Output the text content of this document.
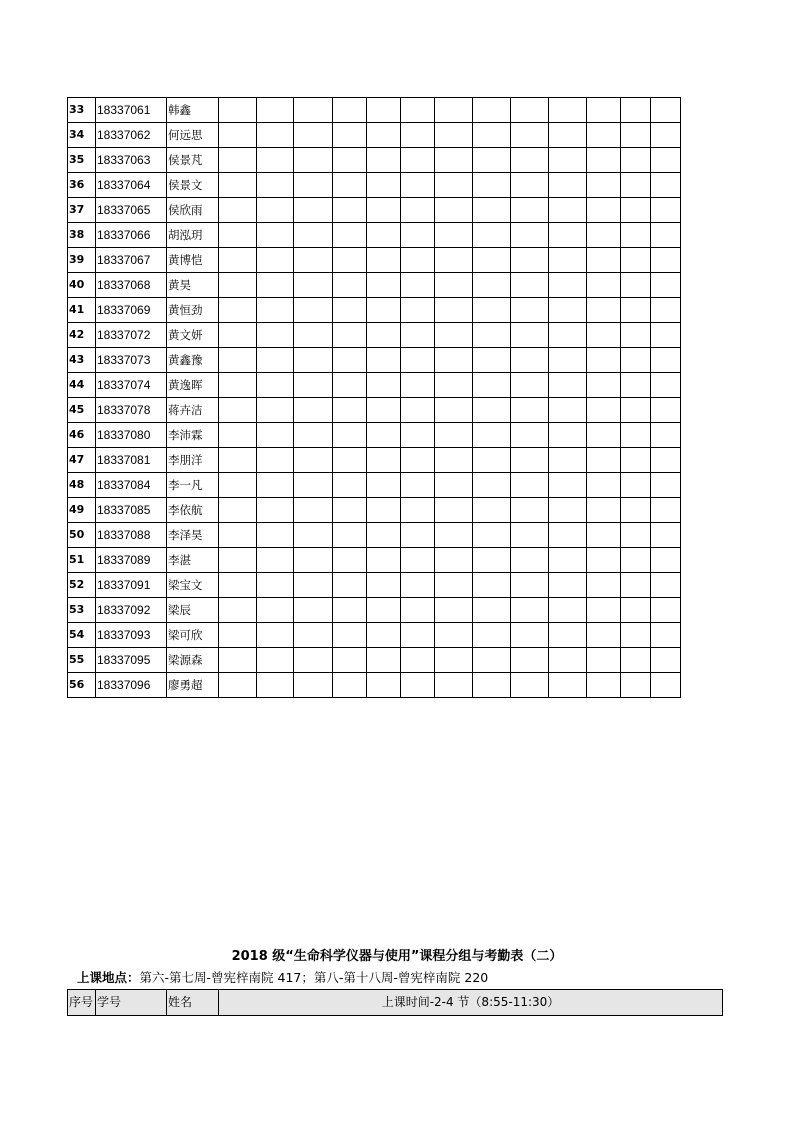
33	18337061	韩鑫													
34	18337062	何远思													
35	18337063	侯景芃													
36	18337064	侯景文													
37	18337065	侯欣雨													
38	18337066	胡泓玥													
39	18337067	黄博恺													
40	18337068	黄昊													
41	18337069	黄恒劲													
42	18337072	黄文妍													
43	18337073	黄鑫豫													
44	18337074	黄逸晖													
45	18337078	蒋卉洁													
46	18337080	李沛霖													
47	18337081	李朋洋													
48	18337084	李一凡													
49	18337085	李依航													
50	18337088	李泽昊													
51	18337089	李湛													
52	18337091	梁宝文													
53	18337092	梁辰													
54	18337093	梁可欣													
55	18337095	梁源森													
56	18337096	廖勇超													
2018 级“生命科学仪器与使用”课程分组与考勤表（二）
上课地点：第六-第七周-曾宪梓南院 417；第八-第十八周-曾宪梓南院 220
序号	学号	姓名	上课时间-2-4 节（8:55-11:30）
